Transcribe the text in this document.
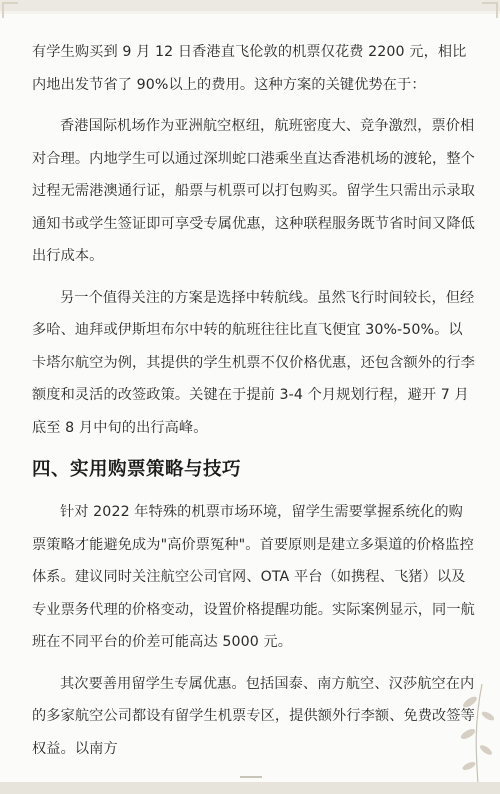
有学生购买到 9 月 12 日香港直飞伦敦的机票仅花费 2200 元，相比内地出发节省了 90%以上的费用。这种方案的关键优势在于：

香港国际机场作为亚洲航空枢纽，航班密度大、竞争激烈，票价相对合理。内地学生可以通过深圳蛇口港乘坐直达香港机场的渡轮，整个过程无需港澳通行证，船票与机票可以打包购买。留学生只需出示录取通知书或学生签证即可享受专属优惠，这种联程服务既节省时间又降低出行成本。

另一个值得关注的方案是选择中转航线。虽然飞行时间较长，但经多哈、迪拜或伊斯坦布尔中转的航班往往比直飞便宜 30%-50%。以卡塔尔航空为例，其提供的学生机票不仅价格优惠，还包含额外的行李额度和灵活的改签政策。关键在于提前 3-4 个月规划行程，避开 7 月底至 8 月中旬的出行高峰。

四、实用购票策略与技巧

针对 2022 年特殊的机票市场环境，留学生需要掌握系统化的购票策略才能避免成为"高价票冤种"。首要原则是建立多渠道的价格监控体系。建议同时关注航空公司官网、OTA 平台（如携程、飞猪）以及专业票务代理的价格变动，设置价格提醒功能。实际案例显示，同一航班在不同平台的价差可能高达 5000 元。

其次要善用留学生专属优惠。包括国泰、南方航空、汉莎航空在内的多家航空公司都设有留学生机票专区，提供额外行李额、免费改签等权益。以南方
